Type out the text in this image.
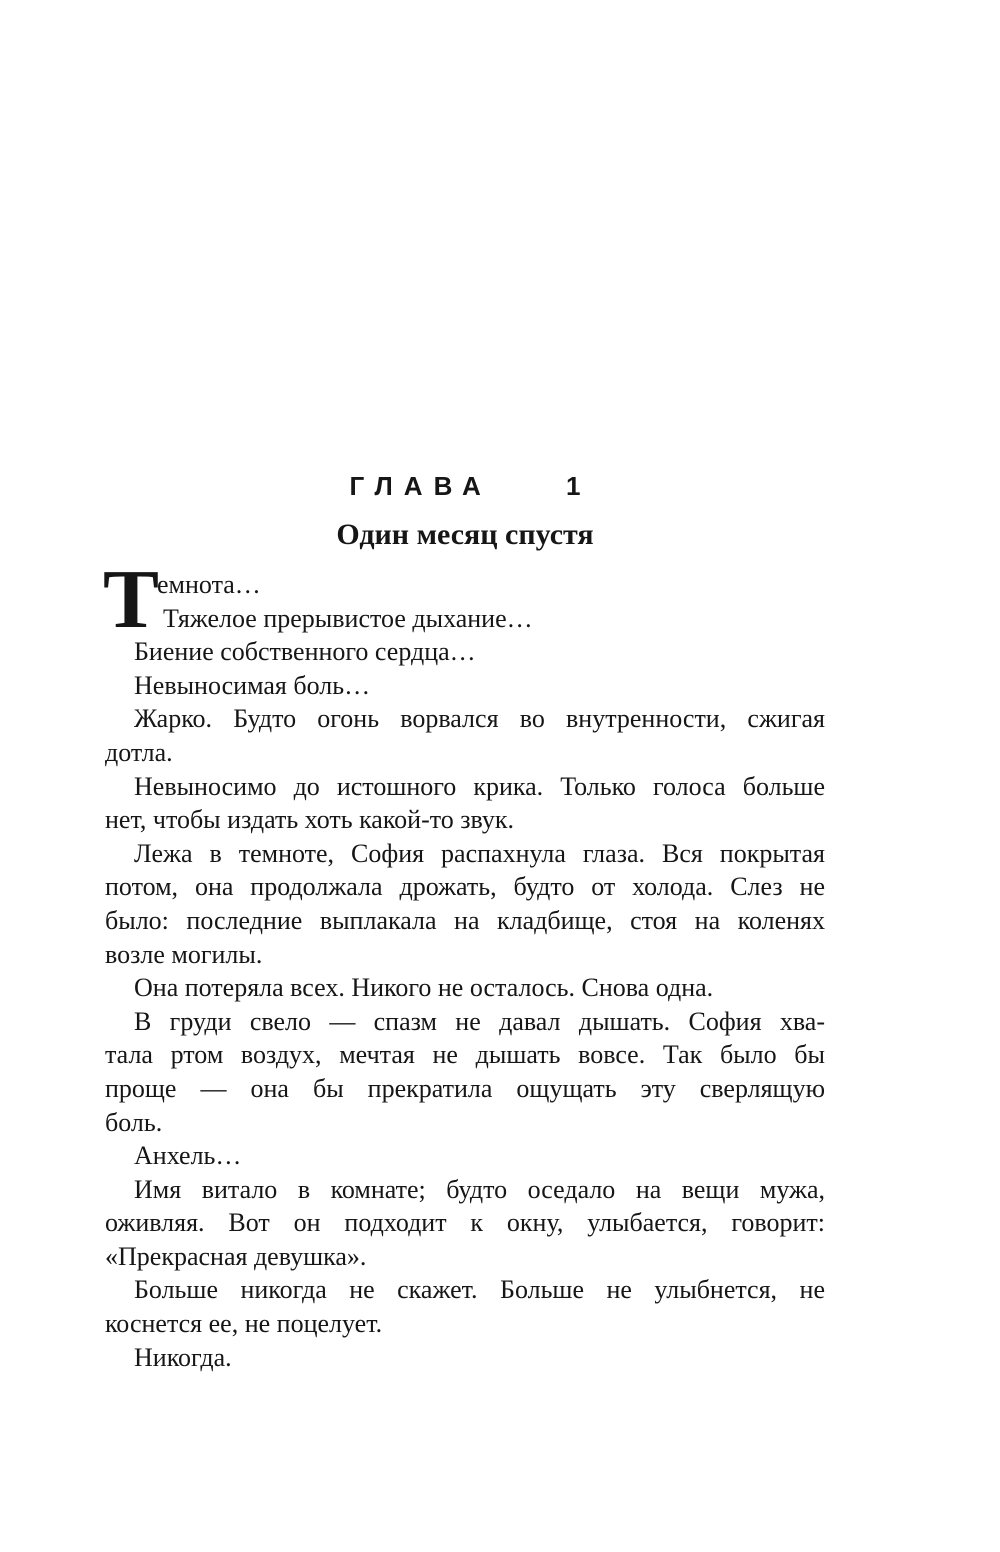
ГЛАВА 1
Один месяц спустя
Т
емнота…
Тяжелое прерывистое дыхание…
Биение собственного сердца…
Невыносимая боль…
Жарко. Будто огонь ворвался во внутренности, сжигая
дотла.
Невыносимо до истошного крика. Только голоса больше
нет, чтобы издать хоть какой-то звук.
Лежа в темноте, София распахнула глаза. Вся покрытая
потом, она продолжала дрожать, будто от холода. Слез не
было: последние выплакала на кладбище, стоя на коленях
возле могилы.
Она потеряла всех. Никого не осталось. Снова одна.
В груди свело — спазм не давал дышать. София хва-
тала ртом воздух, мечтая не дышать вовсе. Так было бы
проще — она бы прекратила ощущать эту сверлящую
боль.
Анхель…
Имя витало в комнате; будто оседало на вещи мужа,
оживляя. Вот он подходит к окну, улыбается, говорит:
«Прекрасная девушка».
Больше никогда не скажет. Больше не улыбнется, не
коснется ее, не поцелует.
Никогда.
